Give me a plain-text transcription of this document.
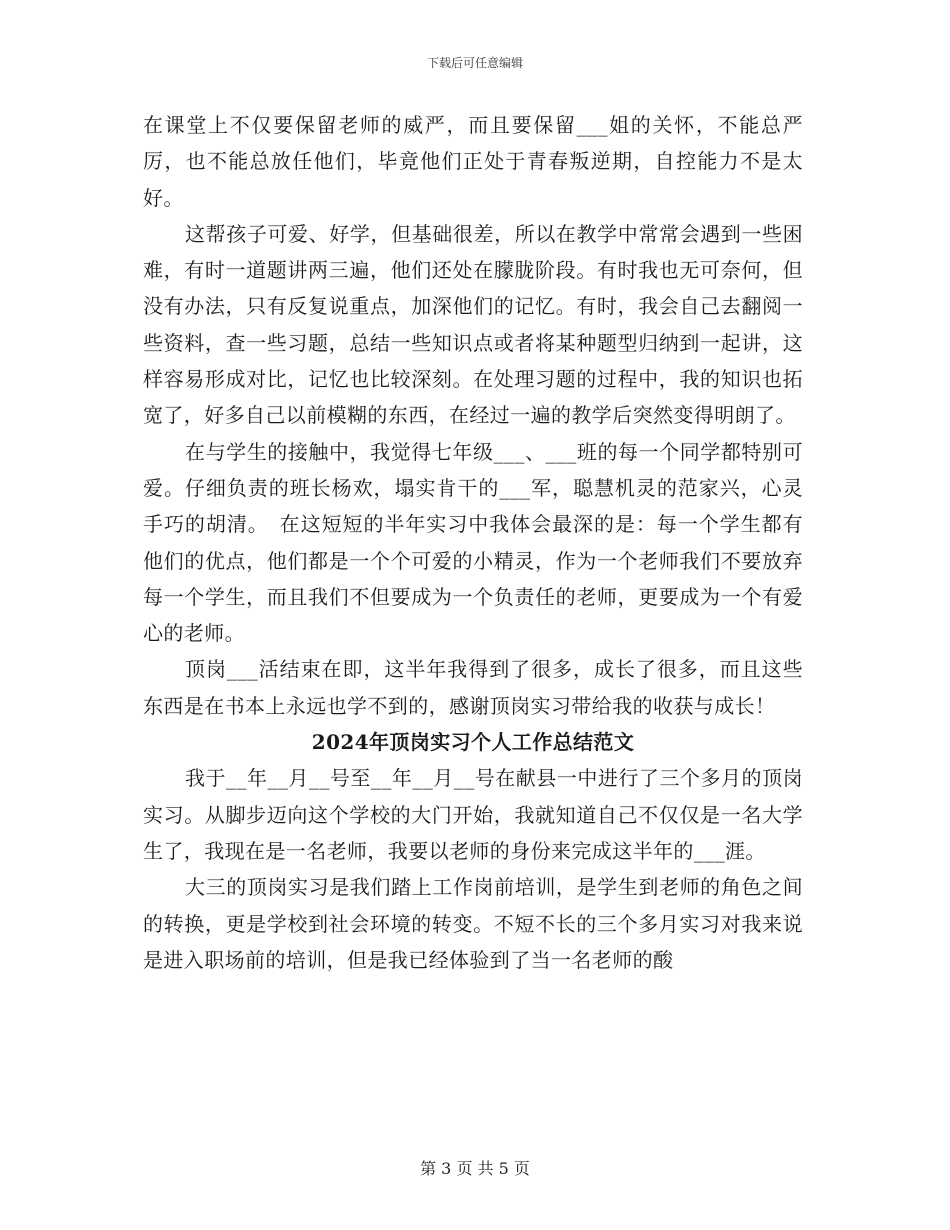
下载后可任意编辑

在课堂上不仅要保留老师的威严，而且要保留___姐的关怀，不能总严厉，也不能总放任他们，毕竟他们正处于青春叛逆期，自控能力不是太好。

这帮孩子可爱、好学，但基础很差，所以在教学中常常会遇到一些困难，有时一道题讲两三遍，他们还处在朦胧阶段。有时我也无可奈何，但没有办法，只有反复说重点，加深他们的记忆。有时，我会自己去翻阅一些资料，查一些习题，总结一些知识点或者将某种题型归纳到一起讲，这样容易形成对比，记忆也比较深刻。在处理习题的过程中，我的知识也拓宽了，好多自己以前模糊的东西，在经过一遍的教学后突然变得明朗了。

在与学生的接触中，我觉得七年级___、___班的每一个同学都特别可爱。仔细负责的班长杨欢，塌实肯干的___军，聪慧机灵的范家兴，心灵手巧的胡清。　在这短短的半年实习中我体会最深的是：每一个学生都有他们的优点，他们都是一个个可爱的小精灵，作为一个老师我们不要放弃每一个学生，而且我们不但要成为一个负责任的老师，更要成为一个有爱心的老师。

顶岗___活结束在即，这半年我得到了很多，成长了很多，而且这些东西是在书本上永远也学不到的，感谢顶岗实习带给我的收获与成长！

2024年顶岗实习个人工作总结范文

我于__年__月__号至__年__月__号在献县一中进行了三个多月的顶岗实习。从脚步迈向这个学校的大门开始，我就知道自己不仅仅是一名大学生了，我现在是一名老师，我要以老师的身份来完成这半年的___涯。

大三的顶岗实习是我们踏上工作岗前培训，是学生到老师的角色之间的转换，更是学校到社会环境的转变。不短不长的三个多月实习对我来说是进入职场前的培训，但是我已经体验到了当一名老师的酸

第 3 页 共 5 页
